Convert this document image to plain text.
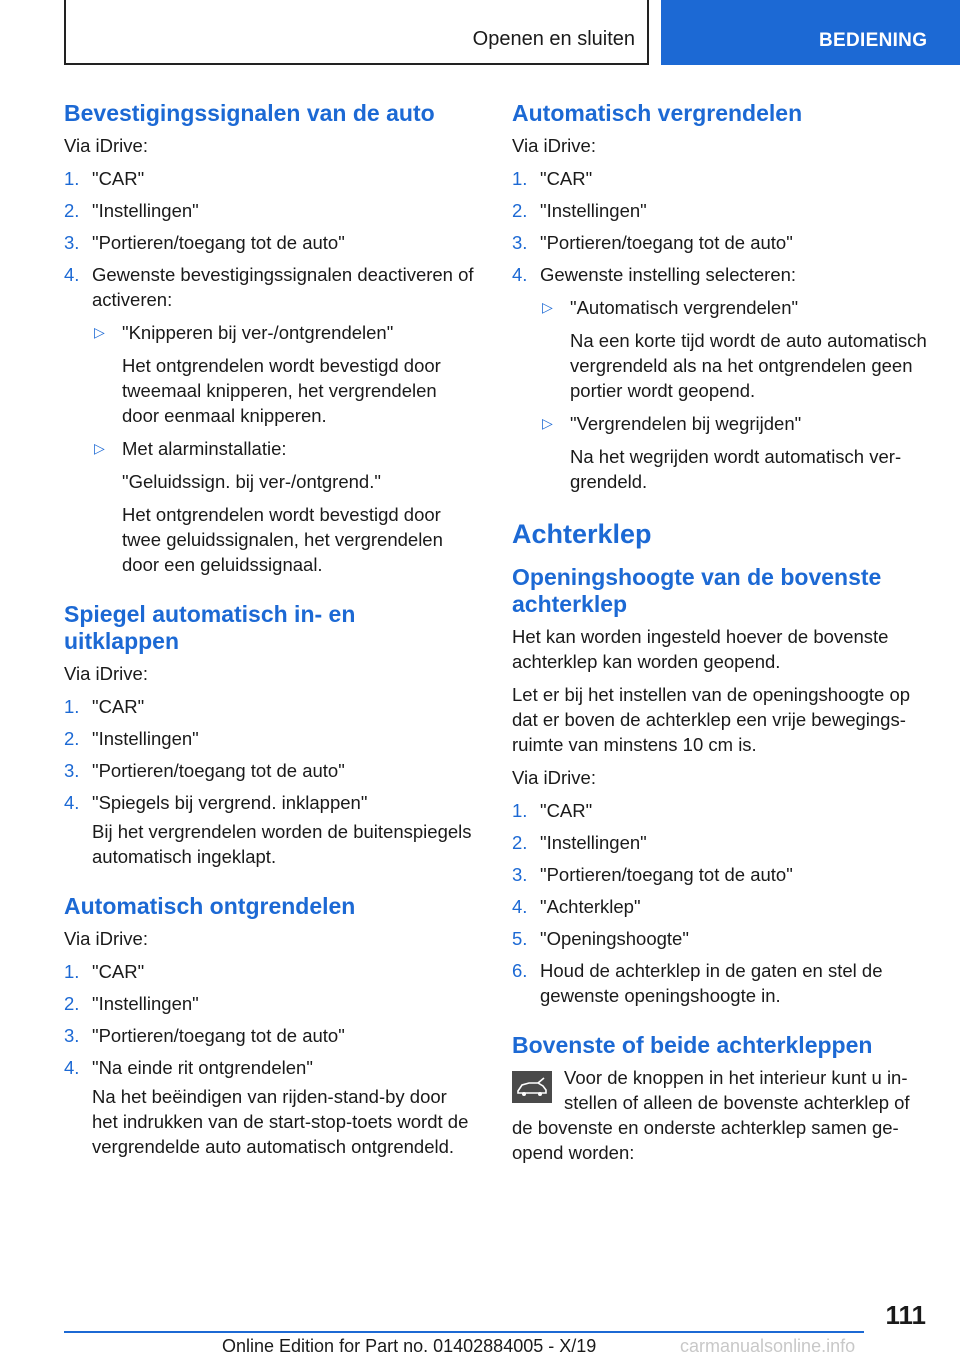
Openen en sluiten	BEDIENING
Bevestigingssignalen van de auto
Via iDrive:
1. "CAR"
2. "Instellingen"
3. "Portieren/toegang tot de auto"
4. Gewenste bevestigingssignalen deactiveren of activeren:
▷ "Knipperen bij ver-/ontgrendelen"
Het ontgrendelen wordt bevestigd door tweemaal knipperen, het vergrendelen door eenmaal knipperen.
▷ Met alarminstallatie:
"Geluidssign. bij ver-/ontgrend."
Het ontgrendelen wordt bevestigd door twee geluidssignalen, het vergrendelen door een geluidssignaal.
Spiegel automatisch in- en uitklappen
Via iDrive:
1. "CAR"
2. "Instellingen"
3. "Portieren/toegang tot de auto"
4. "Spiegels bij vergrend. inklappen"
Bij het vergrendelen worden de buitenspiegels automatisch ingeklapt.
Automatisch ontgrendelen
Via iDrive:
1. "CAR"
2. "Instellingen"
3. "Portieren/toegang tot de auto"
4. "Na einde rit ontgrendelen"
Na het beëindigen van rijden-stand-by door het indrukken van de start-stop-toets wordt de vergrendelde auto automatisch ontgrendeld.
Automatisch vergrendelen
Via iDrive:
1. "CAR"
2. "Instellingen"
3. "Portieren/toegang tot de auto"
4. Gewenste instelling selecteren:
▷ "Automatisch vergrendelen"
Na een korte tijd wordt de auto automatisch vergrendeld als na het ontgrendelen geen portier wordt geopend.
▷ "Vergrendelen bij wegrijden"
Na het wegrijden wordt automatisch vergrendeld.
Achterklep
Openingshoogte van de bovenste achterklep
Het kan worden ingesteld hoever de bovenste achterklep kan worden geopend.
Let er bij het instellen van de openingshoogte op dat er boven de achterklep een vrije bewegingsruimte van minstens 10 cm is.
Via iDrive:
1. "CAR"
2. "Instellingen"
3. "Portieren/toegang tot de auto"
4. "Achterklep"
5. "Openingshoogte"
6. Houd de achterklep in de gaten en stel de gewenste openingshoogte in.
Bovenste of beide achterkleppen
Voor de knoppen in het interieur kunt u instellen of alleen de bovenste achterklep of de bovenste en onderste achterklep samen geopend worden:
111
Online Edition for Part no. 01402884005 - X/19	carmanualsonline.info
